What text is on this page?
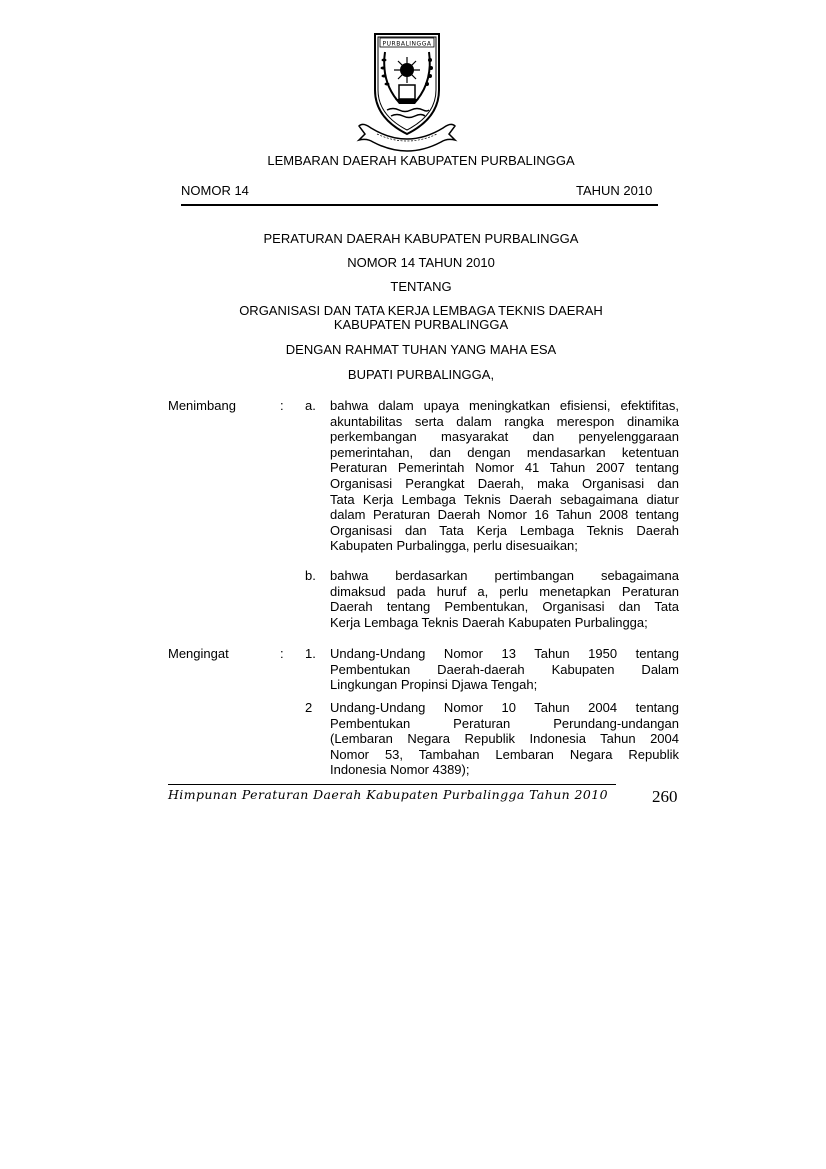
PURBALINGGA
LEMBARAN DAERAH KABUPATEN PURBALINGGA
NOMOR 14	TAHUN 2010
PERATURAN DAERAH KABUPATEN PURBALINGGA
NOMOR 14 TAHUN 2010
TENTANG
ORGANISASI DAN TATA KERJA LEMBAGA TEKNIS DAERAH
KABUPATEN PURBALINGGA
DENGAN RAHMAT TUHAN YANG MAHA ESA
BUPATI PURBALINGGA,
Menimbang	: a. bahwa dalam upaya meningkatkan efisiensi, efektifitas,
akuntabilitas serta dalam rangka merespon dinamika
perkembangan masyarakat dan penyelenggaraan
pemerintahan, dan dengan mendasarkan ketentuan
Peraturan Pemerintah Nomor 41 Tahun 2007 tentang
Organisasi Perangkat Daerah, maka Organisasi dan
Tata Kerja Lembaga Teknis Daerah sebagaimana diatur
dalam Peraturan Daerah Nomor 16 Tahun 2008 tentang
Organisasi dan Tata Kerja Lembaga Teknis Daerah
Kabupaten Purbalingga, perlu disesuaikan;
b. bahwa berdasarkan pertimbangan sebagaimana
dimaksud pada huruf a, perlu menetapkan Peraturan
Daerah tentang Pembentukan, Organisasi dan Tata
Kerja Lembaga Teknis Daerah Kabupaten Purbalingga;
Mengingat	: 1. Undang-Undang Nomor 13 Tahun 1950 tentang
Pembentukan Daerah-daerah Kabupaten Dalam
Lingkungan Propinsi Djawa Tengah;
2 Undang-Undang Nomor 10 Tahun 2004 tentang
Pembentukan Peraturan Perundang-undangan
(Lembaran Negara Republik Indonesia Tahun 2004
Nomor 53, Tambahan Lembaran Negara Republik
Indonesia Nomor 4389);
Himpunan Peraturan Daerah Kabupaten Purbalingga Tahun 2010	260
